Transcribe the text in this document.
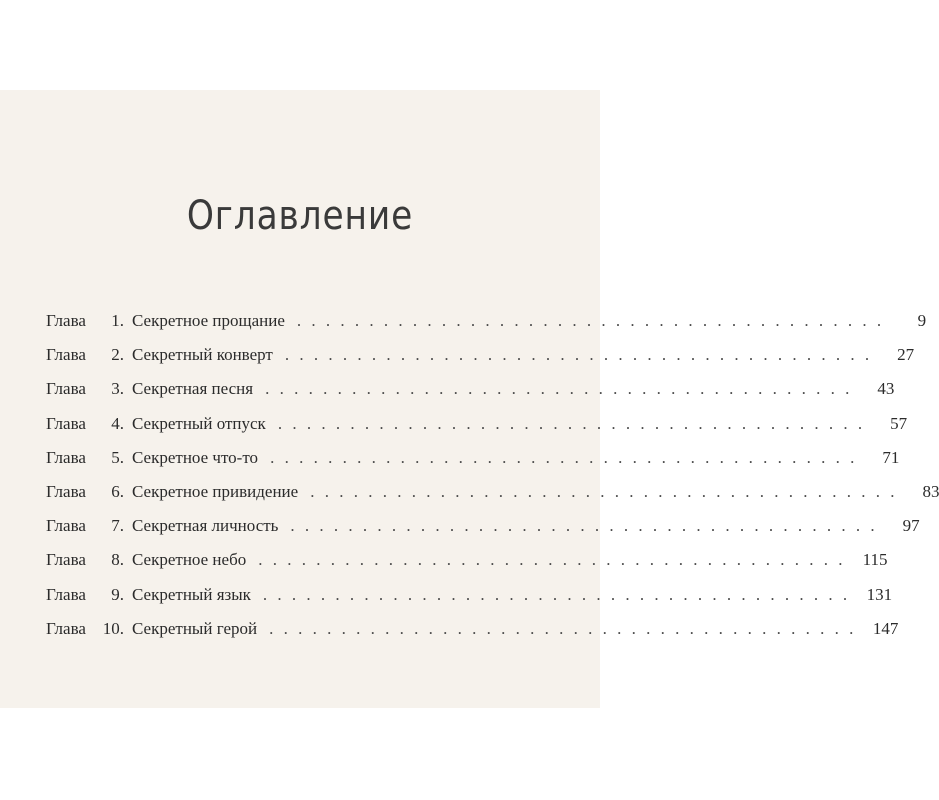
Оглавление
Глава	1. Секретное прощание . . . . . . . . . . . . . . . . . . . . . . . . . . . . . . . . . . . . . . . . .	9
Глава	2. Секретный конверт . . . . . . . . . . . . . . . . . . . . . . . . . . . . . . . . . . . . . . . . .	27
Глава	3. Секретная песня . . . . . . . . . . . . . . . . . . . . . . . . . . . . . . . . . . . . . . . . .	43
Глава	4. Секретный отпуск . . . . . . . . . . . . . . . . . . . . . . . . . . . . . . . . . . . . . . . . .	57
Глава	5. Секретное что-то . . . . . . . . . . . . . . . . . . . . . . . . . . . . . . . . . . . . . . . . .	71
Глава	6. Секретное привидение . . . . . . . . . . . . . . . . . . . . . . . . . . . . . . . . . . . . . . . . .	83
Глава	7. Секретная личность . . . . . . . . . . . . . . . . . . . . . . . . . . . . . . . . . . . . . . . . .	97
Глава	8. Секретное небо . . . . . . . . . . . . . . . . . . . . . . . . . . . . . . . . . . . . . . . . .	115
Глава	9. Секретный язык . . . . . . . . . . . . . . . . . . . . . . . . . . . . . . . . . . . . . . . . . 131
Глава 10. Секретный герой . . . . . . . . . . . . . . . . . . . . . . . . . . . . . . . . . . . . . . . . . 147
